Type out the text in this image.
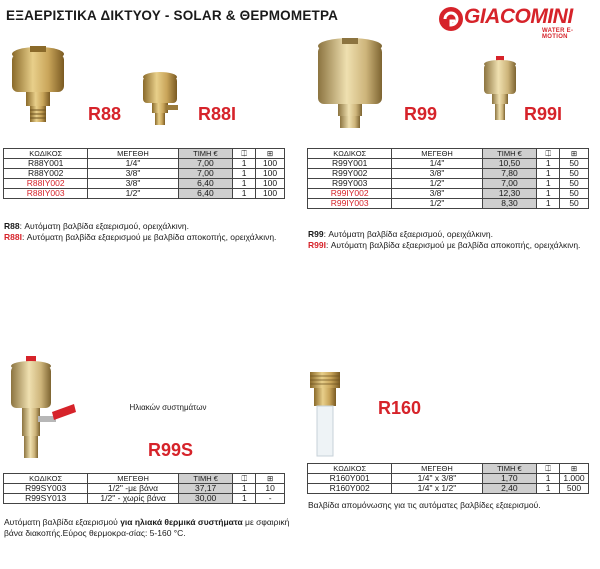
ΕΞΑΕΡΙΣΤΙΚΑ ΔΙΚΤΥΟΥ - SOLAR & ΘΕΡΜΟΜΕΤΡΑ	GIACOMINI
WATER E-MOTION
R88	R88I
ΚΩΔΙΚΟΣ	ΜΕΓΕΘΗ	ΤΙΜΗ €	⎅	⊞
R88Y001	1/4"	7,00	1	100
R88Y002	3/8"	7,00	1	100
R88IY002	3/8"	6,40	1	100
R88IY003	1/2"	6,40	1	100
R88: Αυτόματη βαλβίδα εξαερισμού, ορειχάλκινη.
R88I: Αυτόματη βαλβίδα εξαερισμού με βαλβίδα αποκοπής, ορειχάλκινη.
R99	R99I
ΚΩΔΙΚΟΣ	ΜΕΓΕΘΗ	ΤΙΜΗ €	⎅	⊞
R99Y001	1/4"	10,50	1	50
R99Y002	3/8"	7,80	1	50
R99Y003	1/2"	7,00	1	50
R99IY002	3/8"	12,30	1	50
R99IY003	1/2"	8,30	1	50
R99: Αυτόματη βαλβίδα εξαερισμού, ορειχάλκινη.
R99I: Αυτόματη βαλβίδα εξαερισμού με βαλβίδα αποκοπής, ορειχάλκινη.
Ηλιακών συστημάτων
R99S
ΚΩΔΙΚΟΣ	ΜΕΓΕΘΗ	ΤΙΜΗ €	⎅	⊞
R99SY003	1/2" -με βάνα	37,17	1	10
R99SY013	1/2" - χωρίς βάνα	30,00	1	-
Αυτόματη βαλβίδα εξαερισμού για ηλιακά θερμικά συστήματα με σφαιρική βάνα διακοπής.Εύρος θερμοκρα-σίας: 5-160 °C.
R160
ΚΩΔΙΚΟΣ	ΜΕΓΕΘΗ	ΤΙΜΗ €	⎅	⊞
R160Y001	1/4" x 3/8"	1,70	1	1.000
R160Y002	1/4" x 1/2"	2,40	1	500
Βαλβίδα απομόνωσης για τις αυτόματες βαλβίδες εξαερισμού.
